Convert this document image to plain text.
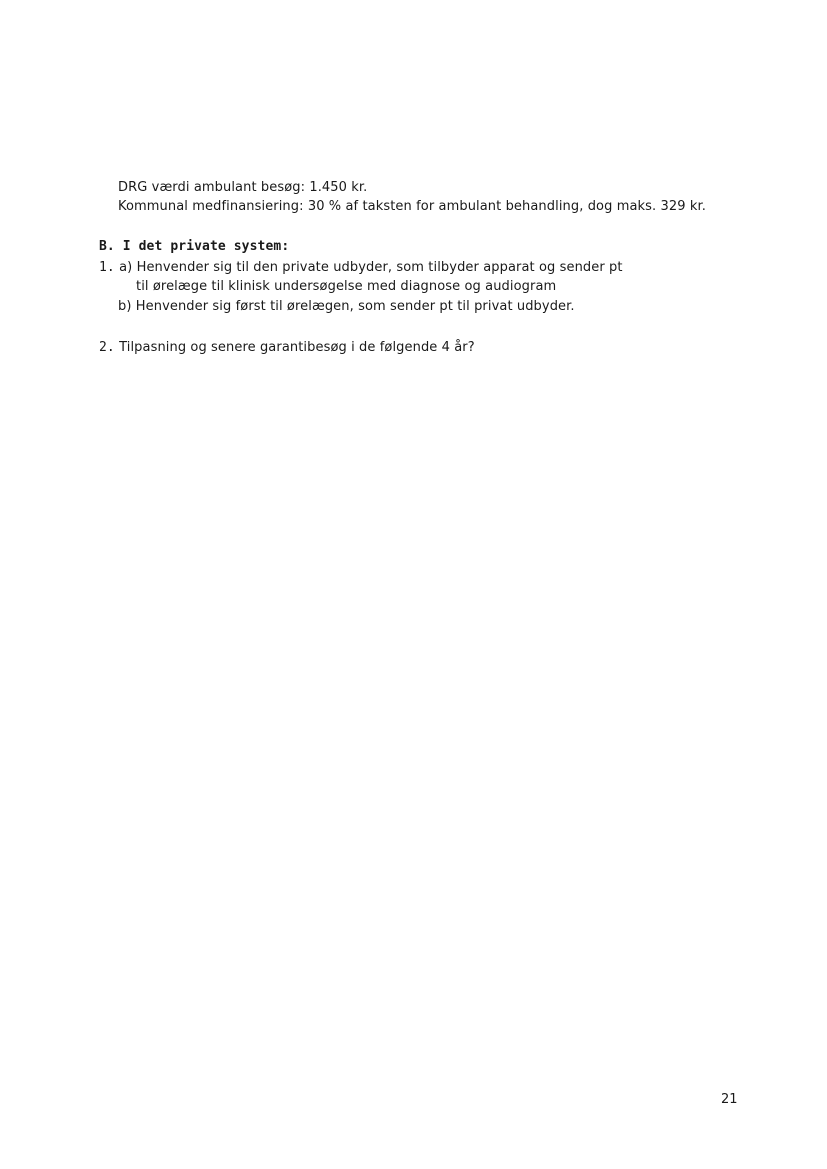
DRG værdi ambulant besøg: 1.450 kr.
Kommunal medfinansiering: 30 % af taksten for ambulant behandling, dog maks. 329 kr.
B. I det private system:
1. a) Henvender sig til den private udbyder, som tilbyder apparat og sender pt
til ørelæge til klinisk undersøgelse med diagnose og audiogram
b) Henvender sig først til ørelægen, som sender pt til privat udbyder.
2. Tilpasning og senere garantibesøg i de følgende 4 år?
21
